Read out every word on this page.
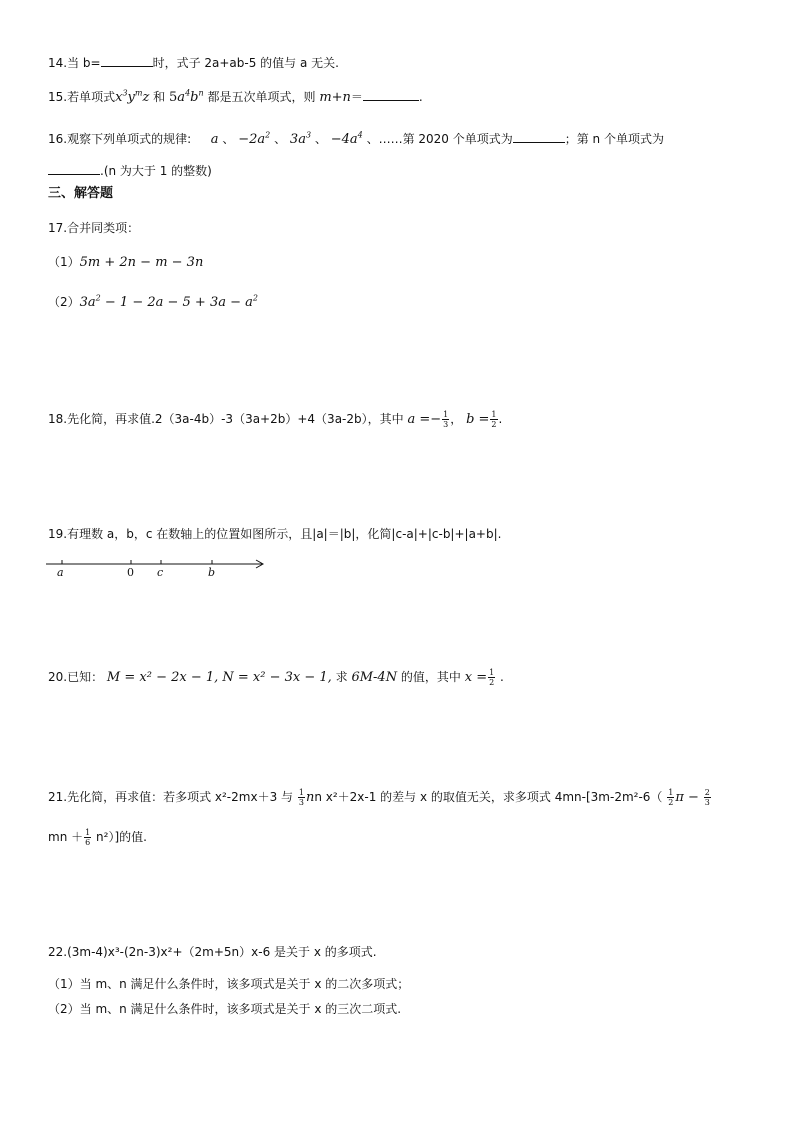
14.当 b=	时，式子 2a+ab-5 的值与 a 无关.
15.若单项式$x^3y^mz$ 和 $5a^4b^n$ 都是五次单项式，则 m+n＝	.
16.观察下列单项式的规律: a 、 $-2a^2$ 、 $3a^3$ 、 $-4a^4$ 、……第 2020 个单项式为	；第 n 个单项式为
.(n 为大于 1 的整数)
三、解答题
17.合并同类项：
（1）5m + 2n − m − 3n
$(2)3a^2 - 1 - 2a - 5 + 3a - a^2$
18.先化简，再求值.2（3a-4b）-3（3a+2b）+4（3a-2b），其中 $a =- \frac{1}{3}$ ， $b = \frac{1}{2}$ .
19.有理数 a，b，c 在数轴上的位置如图所示，且|a|＝|b|，化简|c-a|+|c-b|+|a+b|.
a	0 c	b
20.已知： M = x² − 2x − 1, N = x² − 3x − 1, 求 6M-4N 的值，其中 $x = \frac{1}{2}$ .
21.先化简，再求值：若多项式 x²-2mx＋3 与 $\frac{1}{3}$ nn x²＋2x-1 的差与 x 的取值无关，求多项式 $4mn-[3m-2m^2-6( \frac{1}{2}$ $\pi - \frac{2}{3}$
mn ＋ $\frac{1}{6} n^2$）]的值.
22.(3m-4)x³-(2n-3)x²+（2m+5n）x-6 是关于 x 的多项式.
（1）当 m、n 满足什么条件时，该多项式是关于 x 的二次多项式；
（2）当 m、n 满足什么条件时，该多项式是关于 x 的三次二项式.
